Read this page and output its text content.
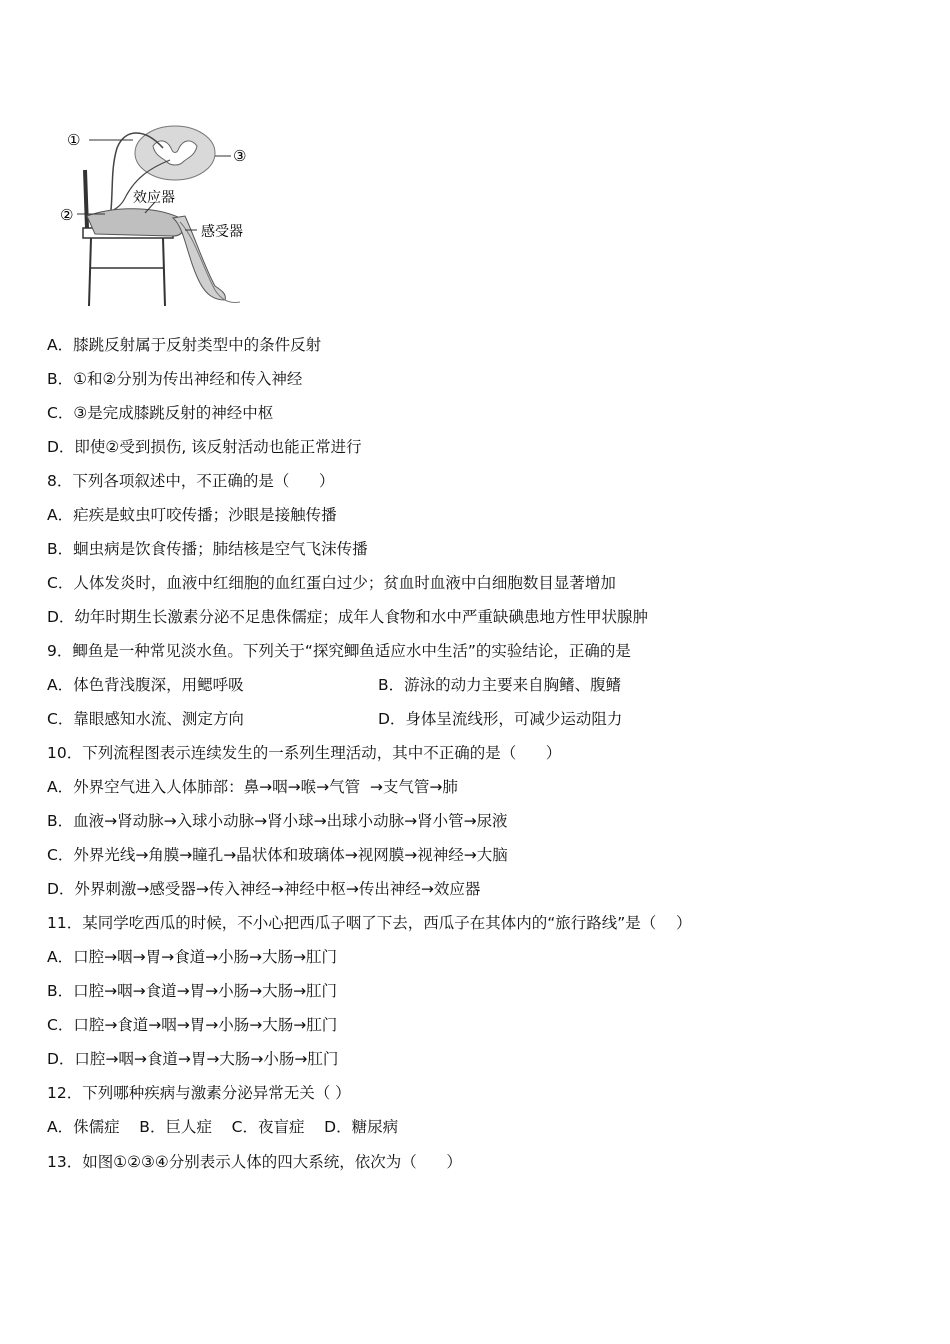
①
③
②
效应器
感受器
A．膝跳反射属于反射类型中的条件反射
B．①和②分别为传出神经和传入神经
C．③是完成膝跳反射的神经中枢
D．即使②受到损伤, 该反射活动也能正常进行
8．下列各项叙述中，不正确的是（      ）
A．疟疾是蚊虫叮咬传播；沙眼是接触传播
B．蛔虫病是饮食传播；肺结核是空气飞沫传播
C．人体发炎时，血液中红细胞的血红蛋白过少；贫血时血液中白细胞数目显著增加
D．幼年时期生长激素分泌不足患侏儒症；成年人食物和水中严重缺碘患地方性甲状腺肿
9．鲫鱼是一种常见淡水鱼。下列关于“探究鲫鱼适应水中生活”的实验结论，正确的是
A．体色背浅腹深，用鳃呼吸	B．游泳的动力主要来自胸鳍、腹鳍
C．靠眼感知水流、测定方向	D．身体呈流线形，可减少运动阻力
10．下列流程图表示连续发生的一系列生理活动，其中不正确的是（      ）
A．外界空气进入人体肺部：鼻→咽→喉→气管  →支气管→肺
B．血液→肾动脉→入球小动脉→肾小球→出球小动脉→肾小管→尿液
C．外界光线→角膜→瞳孔→晶状体和玻璃体→视网膜→视神经→大脑
D．外界刺激→感受器→传入神经→神经中枢→传出神经→效应器
11．某同学吃西瓜的时候，不小心把西瓜子咽了下去，西瓜子在其体内的“旅行路线”是（    ）
A．口腔→咽→胃→食道→小肠→大肠→肛门
B．口腔→咽→食道→胃→小肠→大肠→肛门
C．口腔→食道→咽→胃→小肠→大肠→肛门
D．口腔→咽→食道→胃→大肠→小肠→肛门
12．下列哪种疾病与激素分泌异常无关（ ）
A．侏儒症    B．巨人症    C．夜盲症    D．糖尿病
13．如图①②③④分别表示人体的四大系统，依次为（      ）
